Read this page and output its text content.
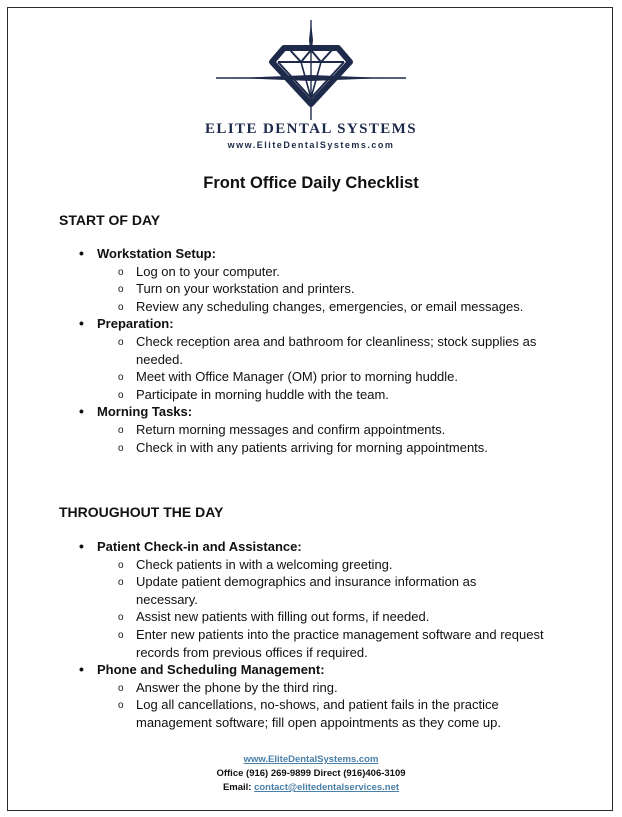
ELITE DENTAL SYSTEMS
www.EliteDentalSystems.com
Front Office Daily Checklist
START OF DAY
• Workstation Setup:
o Log on to your computer.
o Turn on your workstation and printers.
o Review any scheduling changes, emergencies, or email messages.
• Preparation:
o Check reception area and bathroom for cleanliness; stock supplies as needed.
o Meet with Office Manager (OM) prior to morning huddle.
o Participate in morning huddle with the team.
• Morning Tasks:
o Return morning messages and confirm appointments.
o Check in with any patients arriving for morning appointments.
THROUGHOUT THE DAY
• Patient Check-in and Assistance:
o Check patients in with a welcoming greeting.
o Update patient demographics and insurance information as necessary.
o Assist new patients with filling out forms, if needed.
o Enter new patients into the practice management software and request records from previous offices if required.
• Phone and Scheduling Management:
o Answer the phone by the third ring.
o Log all cancellations, no-shows, and patient fails in the practice management software; fill open appointments as they come up.
www.EliteDentalSystems.com
Office (916) 269-9899 Direct (916)406-3109
Email: contact@elitedentalservices.net
